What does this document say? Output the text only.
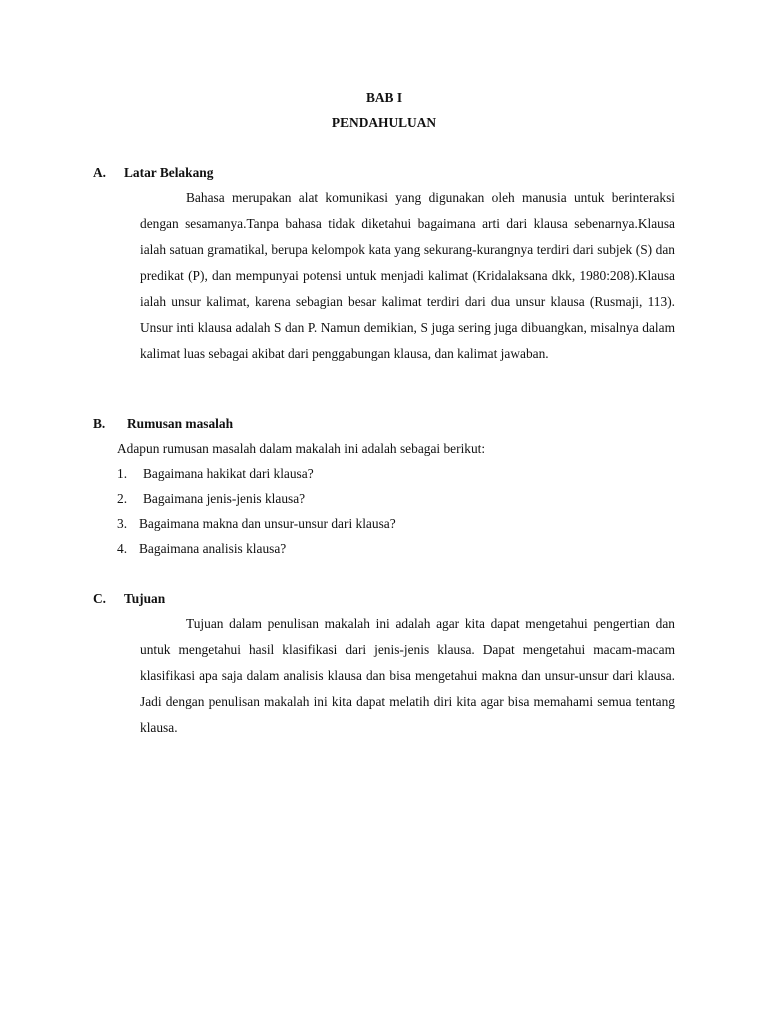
BAB I
PENDAHULUAN
A. Latar Belakang

Bahasa merupakan alat komunikasi yang digunakan oleh manusia untuk berinteraksi dengan sesamanya.Tanpa bahasa tidak diketahui bagaimana arti dari klausa sebenarnya.Klausa ialah satuan gramatikal, berupa kelompok kata yang sekurang-kurangnya terdiri dari subjek (S) dan predikat (P), dan mempunyai potensi untuk menjadi kalimat (Kridalaksana dkk, 1980:208).Klausa ialah unsur kalimat, karena sebagian besar kalimat terdiri dari dua unsur klausa (Rusmaji, 113). Unsur inti klausa adalah S dan P. Namun demikian, S juga sering juga dibuangkan, misalnya dalam kalimat luas sebagai akibat dari penggabungan klausa, dan kalimat jawaban.

B. Rumusan masalah
Adapun rumusan masalah dalam makalah ini adalah sebagai berikut:
1. Bagaimana hakikat dari klausa?
2. Bagaimana jenis-jenis klausa?
3. Bagaimana makna dan unsur-unsur dari klausa?
4. Bagaimana analisis klausa?
C. Tujuan

Tujuan dalam penulisan makalah ini adalah agar kita dapat mengetahui pengertian dan untuk mengetahui hasil klasifikasi dari jenis-jenis klausa. Dapat mengetahui macam-macam klasifikasi apa saja dalam analisis klausa dan bisa mengetahui makna dan unsur-unsur dari klausa. Jadi dengan penulisan makalah ini kita dapat melatih diri kita agar bisa memahami semua tentang klausa.
